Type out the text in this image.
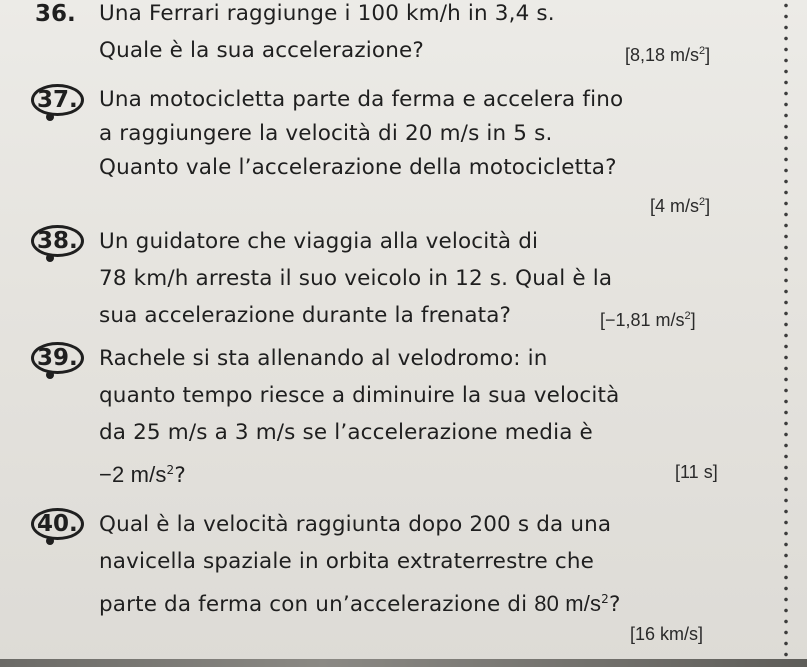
36. Una Ferrari raggiunge i 100 km/h in 3,4 s.
Quale è la sua accelerazione?	[8,18 $m/s^2$]
37. Una motocicletta parte da ferma e accelera fino
a raggiungere la velocità di 20 m/s in 5 s.
Quanto vale l’accelerazione della motocicletta?
[4 $m/s^2$]
38. Un guidatore che viaggia alla velocità di
78 km/h arresta il suo veicolo in 12 s. Qual è la
sua accelerazione durante la frenata?	[−1,81 $m/s^2$]
39. Rachele si sta allenando al velodromo: in
quanto tempo riesce a diminuire la sua velocità
da 25 m/s a 3 m/s se l’accelerazione media è
−2 $m/s^2$?	[11 s]
40. Qual è la velocità raggiunta dopo 200 s da una
navicella spaziale in orbita extraterrestre che
parte da ferma con un’accelerazione di 80 $m/s^2$?
[16 km/s]
